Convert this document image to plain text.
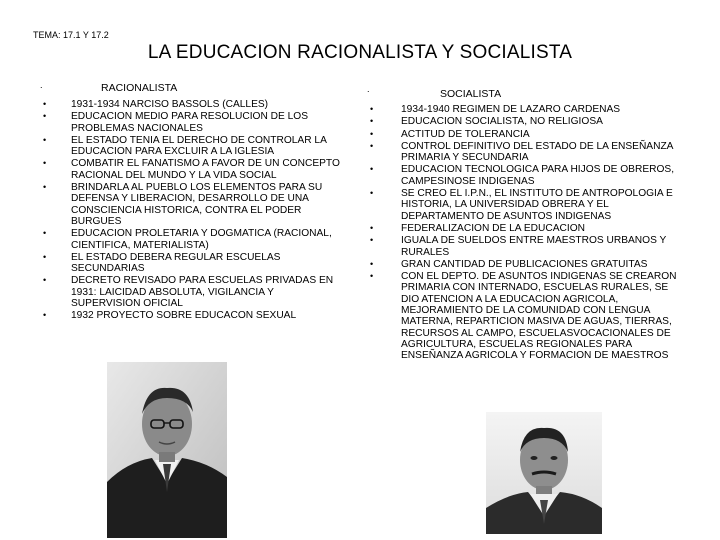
TEMA: 17.1 Y 17.2
LA EDUCACION RACIONALISTA Y SOCIALISTA
.	RACIONALISTA
• 1931-1934 NARCISO BASSOLS (CALLES)
• EDUCACION MEDIO PARA RESOLUCION DE LOS PROBLEMAS NACIONALES
• EL ESTADO TENIA EL DERECHO DE CONTROLAR LA EDUCACION PARA EXCLUIR A LA IGLESIA
• COMBATIR EL FANATISMO A FAVOR DE UN CONCEPTO RACIONAL DEL MUNDO Y LA VIDA SOCIAL
• BRINDARLA AL PUEBLO LOS ELEMENTOS PARA SU DEFENSA Y LIBERACION, DESARROLLO DE UNA CONSCIENCIA HISTORICA, CONTRA EL PODER BURGUES
• EDUCACION PROLETARIA Y DOGMATICA (RACIONAL, CIENTIFICA, MATERIALISTA)
• EL ESTADO DEBERA REGULAR ESCUELAS SECUNDARIAS
• DECRETO REVISADO PARA ESCUELAS PRIVADAS EN 1931: LAICIDAD ABSOLUTA, VIGILANCIA Y SUPERVISION OFICIAL
• 1932 PROYECTO SOBRE EDUCACON SEXUAL
.	SOCIALISTA
•	1934-1940 REGIMEN DE LAZARO CARDENAS
•	EDUCACION SOCIALISTA, NO RELIGIOSA
•	ACTITUD DE TOLERANCIA
•	CONTROL DEFINITIVO DEL ESTADO DE LA ENSEÑANZA PRIMARIA Y SECUNDARIA
•	EDUCACION TECNOLOGICA PARA HIJOS DE OBREROS, CAMPESINOSE INDIGENAS
•	SE CREO EL I.P.N., EL INSTITUTO DE ANTROPOLOGIA E HISTORIA, LA UNIVERSIDAD OBRERA Y EL DEPARTAMENTO DE ASUNTOS INDIGENAS
•	FEDERALIZACION DE LA EDUCACION
•	IGUALA DE SUELDOS ENTRE MAESTROS URBANOS Y RURALES
•	GRAN CANTIDAD DE PUBLICACIONES GRATUITAS
•	CON EL DEPTO. DE ASUNTOS INDIGENAS SE CREARON PRIMARIA CON INTERNADO, ESCUELAS RURALES, SE DIO ATENCION A LA EDUCACION AGRICOLA, MEJORAMIENTO DE LA COMUNIDAD CON LENGUA MATERNA, REPARTICION MASIVA DE AGUAS, TIERRAS, RECURSOS AL CAMPO, ESCUELASVOCACIONALES DE AGRICULTURA, ESCUELAS REGIONALES PARA ENSEÑANZA AGRICOLA Y FORMACION DE MAESTROS
